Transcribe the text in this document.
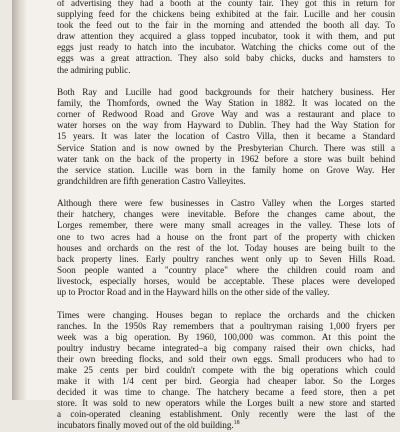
of advertising they had a booth at the county fair. They got this in return for
supplying feed for the chickens being exhibited at the fair. Lucille and her cousin
took the feed out to the fair in the morning and attended the booth all day. To
draw attention they acquired a glass topped incubator, took it with them, and put
eggs just ready to hatch into the incubator. Watching the chicks come out of the
eggs was a great attraction. They also sold baby chicks, ducks and hamsters to
the admiring public.
Both Ray and Lucille had good backgrounds for their hatchery business. Her
family, the Thomfords, owned the Way Station in 1882. It was located on the
corner of Redwood Road and Grove Way and was a restaurant and place to
water horses on the way from Hayward to Dublin. They had the Way Station for
15 years. It was later the location of Castro Villa, then it became a Standard
Service Station and is now owned by the Presbyterian Church. There was still a
water tank on the back of the property in 1962 before a store was built behind
the service station. Lucille was born in the family home on Grove Way. Her
grandchildren are fifth generation Castro Valleyites.
Although there were few businesses in Castro Valley when the Lorges started
their hatchery, changes were inevitable. Before the changes came about, the
Lorges remember, there were many small acreages in the valley. These lots of
one to two acres had a house on the front part of the property with chicken
houses and orchards on the rest of the lot. Today houses are being built to the
back property lines. Early poultry ranches went only up to Seven Hills Road.
Soon people wanted a "country place" where the children could roam and
livestock, especially horses, would be acceptable. These places were developed
up to Proctor Road and in the Hayward hills on the other side of the valley.
Times were changing. Houses began to replace the orchards and the chicken
ranches. In the 1950s Ray remembers that a poultryman raising 1,000 fryers per
week was a big operation. By 1960, 100,000 was common. At this point the
poultry industry became integrated–a big company raised their own chicks, had
their own breeding flocks, and sold their own eggs. Small producers who had to
make 25 cents per bird couldn't compete with the big operations which could
make it with 1/4 cent per bird. Georgia had cheaper labor. So the Lorges
decided it was time to change. The hatchery became a feed store, then a pet
store. It was sold to new operators while the Lorges built a new store and started
a coin-operated cleaning establishment. Only recently were the last of the
incubators finally moved out of the old building.$^{18}$
